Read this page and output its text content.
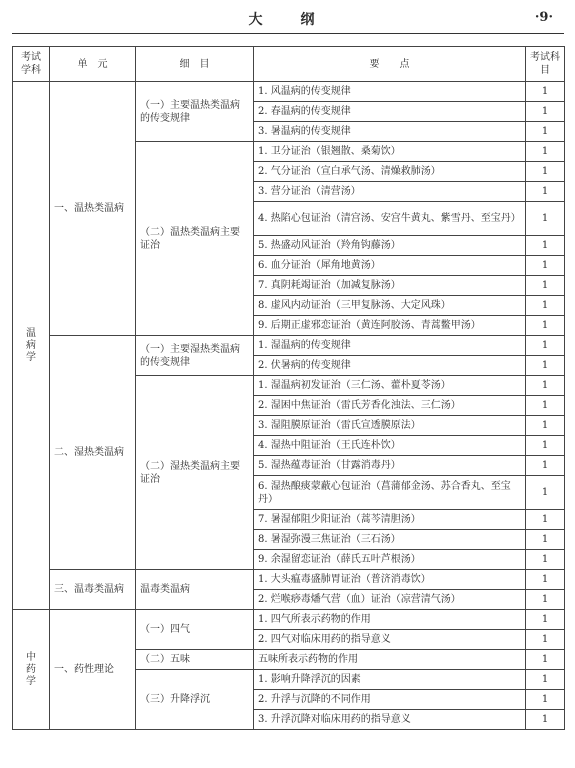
大　纲	·9·
考试学科	单　元	细　目	要　　点	考试科目
温病学	一、温热类温病	（一）主要温热类温病的传变规律	1. 风温病的传变规律	1
			2. 春温病的传变规律	1
			3. 暑温病的传变规律	1
		（二）温热类温病主要证治	1. 卫分证治（银翘散、桑菊饮）	1
			2. 气分证治（宣白承气汤、清燥救肺汤）	1
			3. 营分证治（清营汤）	1
			4. 热陷心包证治（清宫汤、安宫牛黄丸、紫雪丹、至宝丹）	1
			5. 热盛动风证治（羚角钩藤汤）	1
			6. 血分证治（犀角地黄汤）	1
			7. 真阴耗竭证治（加减复脉汤）	1
			8. 虚风内动证治（三甲复脉汤、大定风珠）	1
			9. 后期正虚邪恋证治（黄连阿胶汤、青蒿鳖甲汤）	1
	二、湿热类温病	（一）主要湿热类温病的传变规律	1. 湿温病的传变规律	1
			2. 伏暑病的传变规律	1
		（二）湿热类温病主要证治	1. 湿温病初发证治（三仁汤、藿朴夏苓汤）	1
			2. 湿困中焦证治（雷氏芳香化浊法、三仁汤）	1
			3. 湿阻膜原证治（雷氏宣透膜原法）	1
			4. 湿热中阻证治（王氏连朴饮）	1
			5. 湿热蕴毒证治（甘露消毒丹）	1
			6. 湿热酿痰蒙蔽心包证治（菖蒲郁金汤、苏合香丸、至宝丹）	1
			7. 暑湿郁阻少阳证治（蒿芩清胆汤）	1
			8. 暑湿弥漫三焦证治（三石汤）	1
			9. 余湿留恋证治（薛氏五叶芦根汤）	1
	三、温毒类温病	温毒类温病	1. 大头瘟毒盛肺胃证治（普济消毒饮）	1
			2. 烂喉痧毒燔气营（血）证治（凉营清气汤）	1
中药学	一、药性理论	（一）四气	1. 四气所表示药物的作用	1
			2. 四气对临床用药的指导意义	1
		（二）五味	五味所表示药物的作用	1
		（三）升降浮沉	1. 影响升降浮沉的因素	1
			2. 升浮与沉降的不同作用	1
			3. 升浮沉降对临床用药的指导意义	1
